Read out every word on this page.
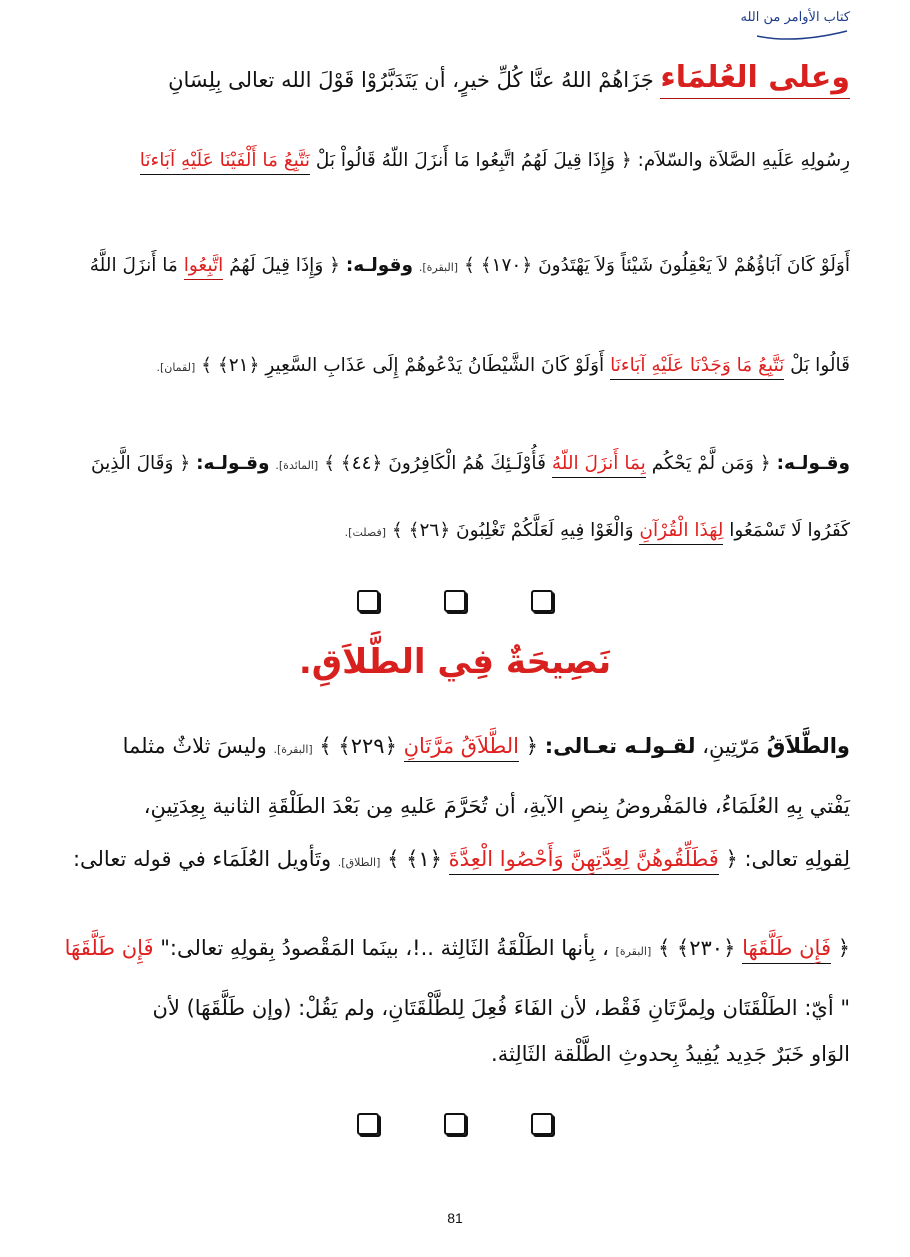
كتاب الأوامر من الله
وعلى العُلمَاء جَزَاهُمْ اللهُ عنَّا كُلِّ خيرٍ، أن يَتَدَبَّرُوْا قَوْلَ الله تعالى بِلِسَانِ
رِسُولِهِ عَلَيهِ الصَّلاَة والسّلاَم: ﴿ وَإِذَا قِيلَ لَهُمُ اتَّبِعُوا مَا أَنزَلَ اللّهُ قَالُواْ بَلْ نَتَّبِعُ مَا أَلْفَيْنَا عَلَيْهِ آبَاءنَا
أَوَلَوْ كَانَ آبَاؤُهُمْ لاَ يَعْقِلُونَ شَيْئاً وَلاَ يَهْتَدُونَ ﴿١٧٠﴾ ﴾ [البقرة]. وقولـه: ﴿ وَإِذَا قِيلَ لَهُمُ اتَّبِعُوا مَا أَنزَلَ اللَّهُ
قَالُوا بَلْ نَتَّبِعُ مَا وَجَدْنَا عَلَيْهِ آبَاءنَا أَوَلَوْ كَانَ الشَّيْطَانُ يَدْعُوهُمْ إِلَى عَذَابِ السَّعِيرِ ﴿٢١﴾ ﴾ [لقمان].
وقـولـه: ﴿ وَمَن لَّمْ يَحْكُم بِمَا أَنزَلَ اللّهُ فَأُوْلَـئِكَ هُمُ الْكَافِرُونَ ﴿٤٤﴾ ﴾ [المائدة]. وقـولـه: ﴿ وَقَالَ الَّذِينَ
كَفَرُوا لَا تَسْمَعُوا لِهَذَا الْقُرْآنِ وَالْغَوْا فِيهِ لَعَلَّكُمْ تَغْلِبُونَ ﴿٢٦﴾ ﴾ [فصلت].

نَصِيحَةٌ فِي الطَّلاَقِ.
والطَّلاَقُ مَرّتِينِ، لقـولـه تعـالى: ﴿ الطَّلاَقُ مَرَّتَانِ ﴿٢٢٩﴾ ﴾ [البقرة]. وليسَ ثلاثٌ مثلما
يَفْتي بِهِ العُلَمَاءُ، فالمَفْروضُ بِنصِ الآيةِ، أن تُحَرَّمَ عَليهِ مِن بَعْدَ الطَلْقَةِ الثانية بِعِدَتِينِ،
لِقولِهِ تعالى: ﴿ فَطَلِّقُوهُنَّ لِعِدَّتِهِنَّ وَأَحْصُوا الْعِدَّةَ ﴿١﴾ ﴾ [الطلاق]. وتَأويل العُلَمَاء في قوله تعالى:
﴿ فَإِن طَلَّقَهَا ﴿٢٣٠﴾ ﴾ [البقرة] ، بِأنها الطَلْقَةُ الثَالِثة ..!، بينَما المَقْصودُ بِقولِهِ تعالى:" فَإِن طَلَّقَهَا
" أيّ: الطَلْقَتَان ولِمرَّتَانِ فَقْط، لأن الفَاءَ فُعِلَ لِلطَّلْقَتَانِ، ولم يَقُلْ: (وإن طَلَّقَهَا) لأن
الوَاو خَبَرٌ جَدِيد يُفِيدُ بِحدوثِ الطَّلْقة الثَالِثة.

81
